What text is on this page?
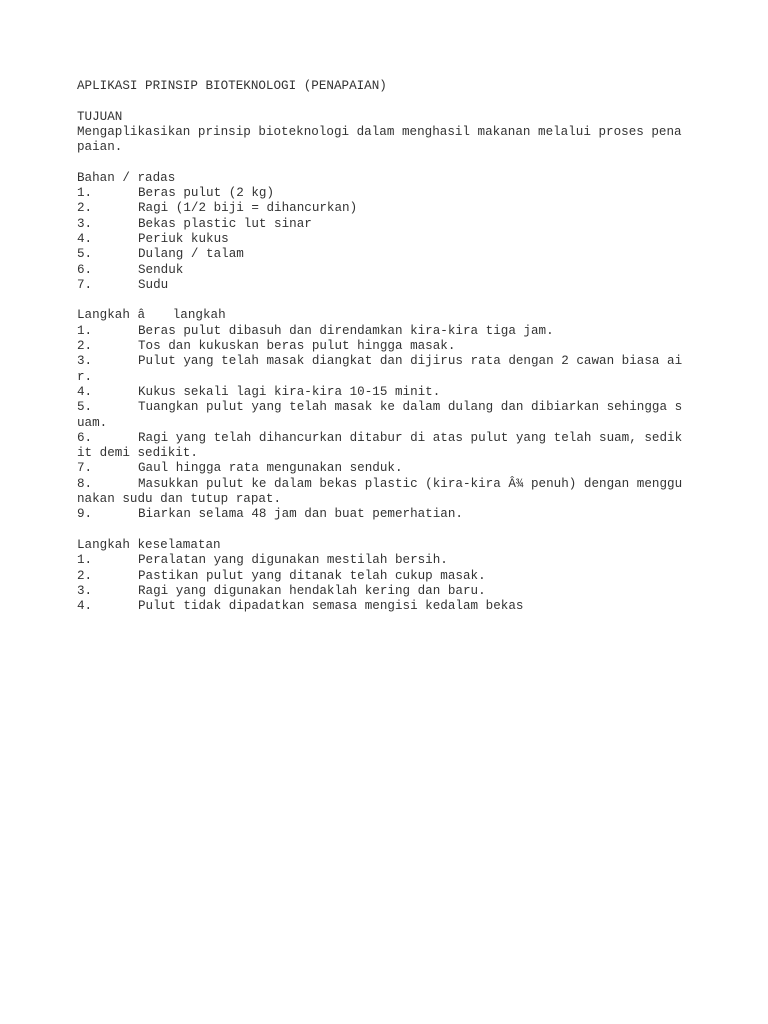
APLIKASI PRINSIP BIOTEKNOLOGI (PENAPAIAN)
TUJUAN
Mengaplikasikan prinsip bioteknologi dalam menghasil makanan melalui proses pena
paian.
Bahan / radas
1.	Beras pulut (2 kg)
2.	Ragi (1/2 biji = dihancurkan)
3.	Bekas plastic lut sinar
4.	Periuk kukus
5.	Dulang / talam
6.	Senduk
7.	Sudu
Langkah â langkah
1.	Beras pulut dibasuh dan direndamkan kira-kira tiga jam.
2.	Tos dan kukuskan beras pulut hingga masak.
3.	Pulut yang telah masak diangkat dan dijirus rata dengan 2 cawan biasa ai
r.
4.	Kukus sekali lagi kira-kira 10-15 minit.
5.	Tuangkan pulut yang telah masak ke dalam dulang dan dibiarkan sehingga s
uam.
6.	Ragi yang telah dihancurkan ditabur di atas pulut yang telah suam, sedik
it demi sedikit.
7.	Gaul hingga rata mengunakan senduk.
8.	Masukkan pulut ke dalam bekas plastic (kira-kira Â¾ penuh) dengan menggu
nakan sudu dan tutup rapat.
9.	Biarkan selama 48 jam dan buat pemerhatian.
Langkah keselamatan
1.	Peralatan yang digunakan mestilah bersih.
2.	Pastikan pulut yang ditanak telah cukup masak.
3.	Ragi yang digunakan hendaklah kering dan baru.
4.	Pulut tidak dipadatkan semasa mengisi kedalam bekas
